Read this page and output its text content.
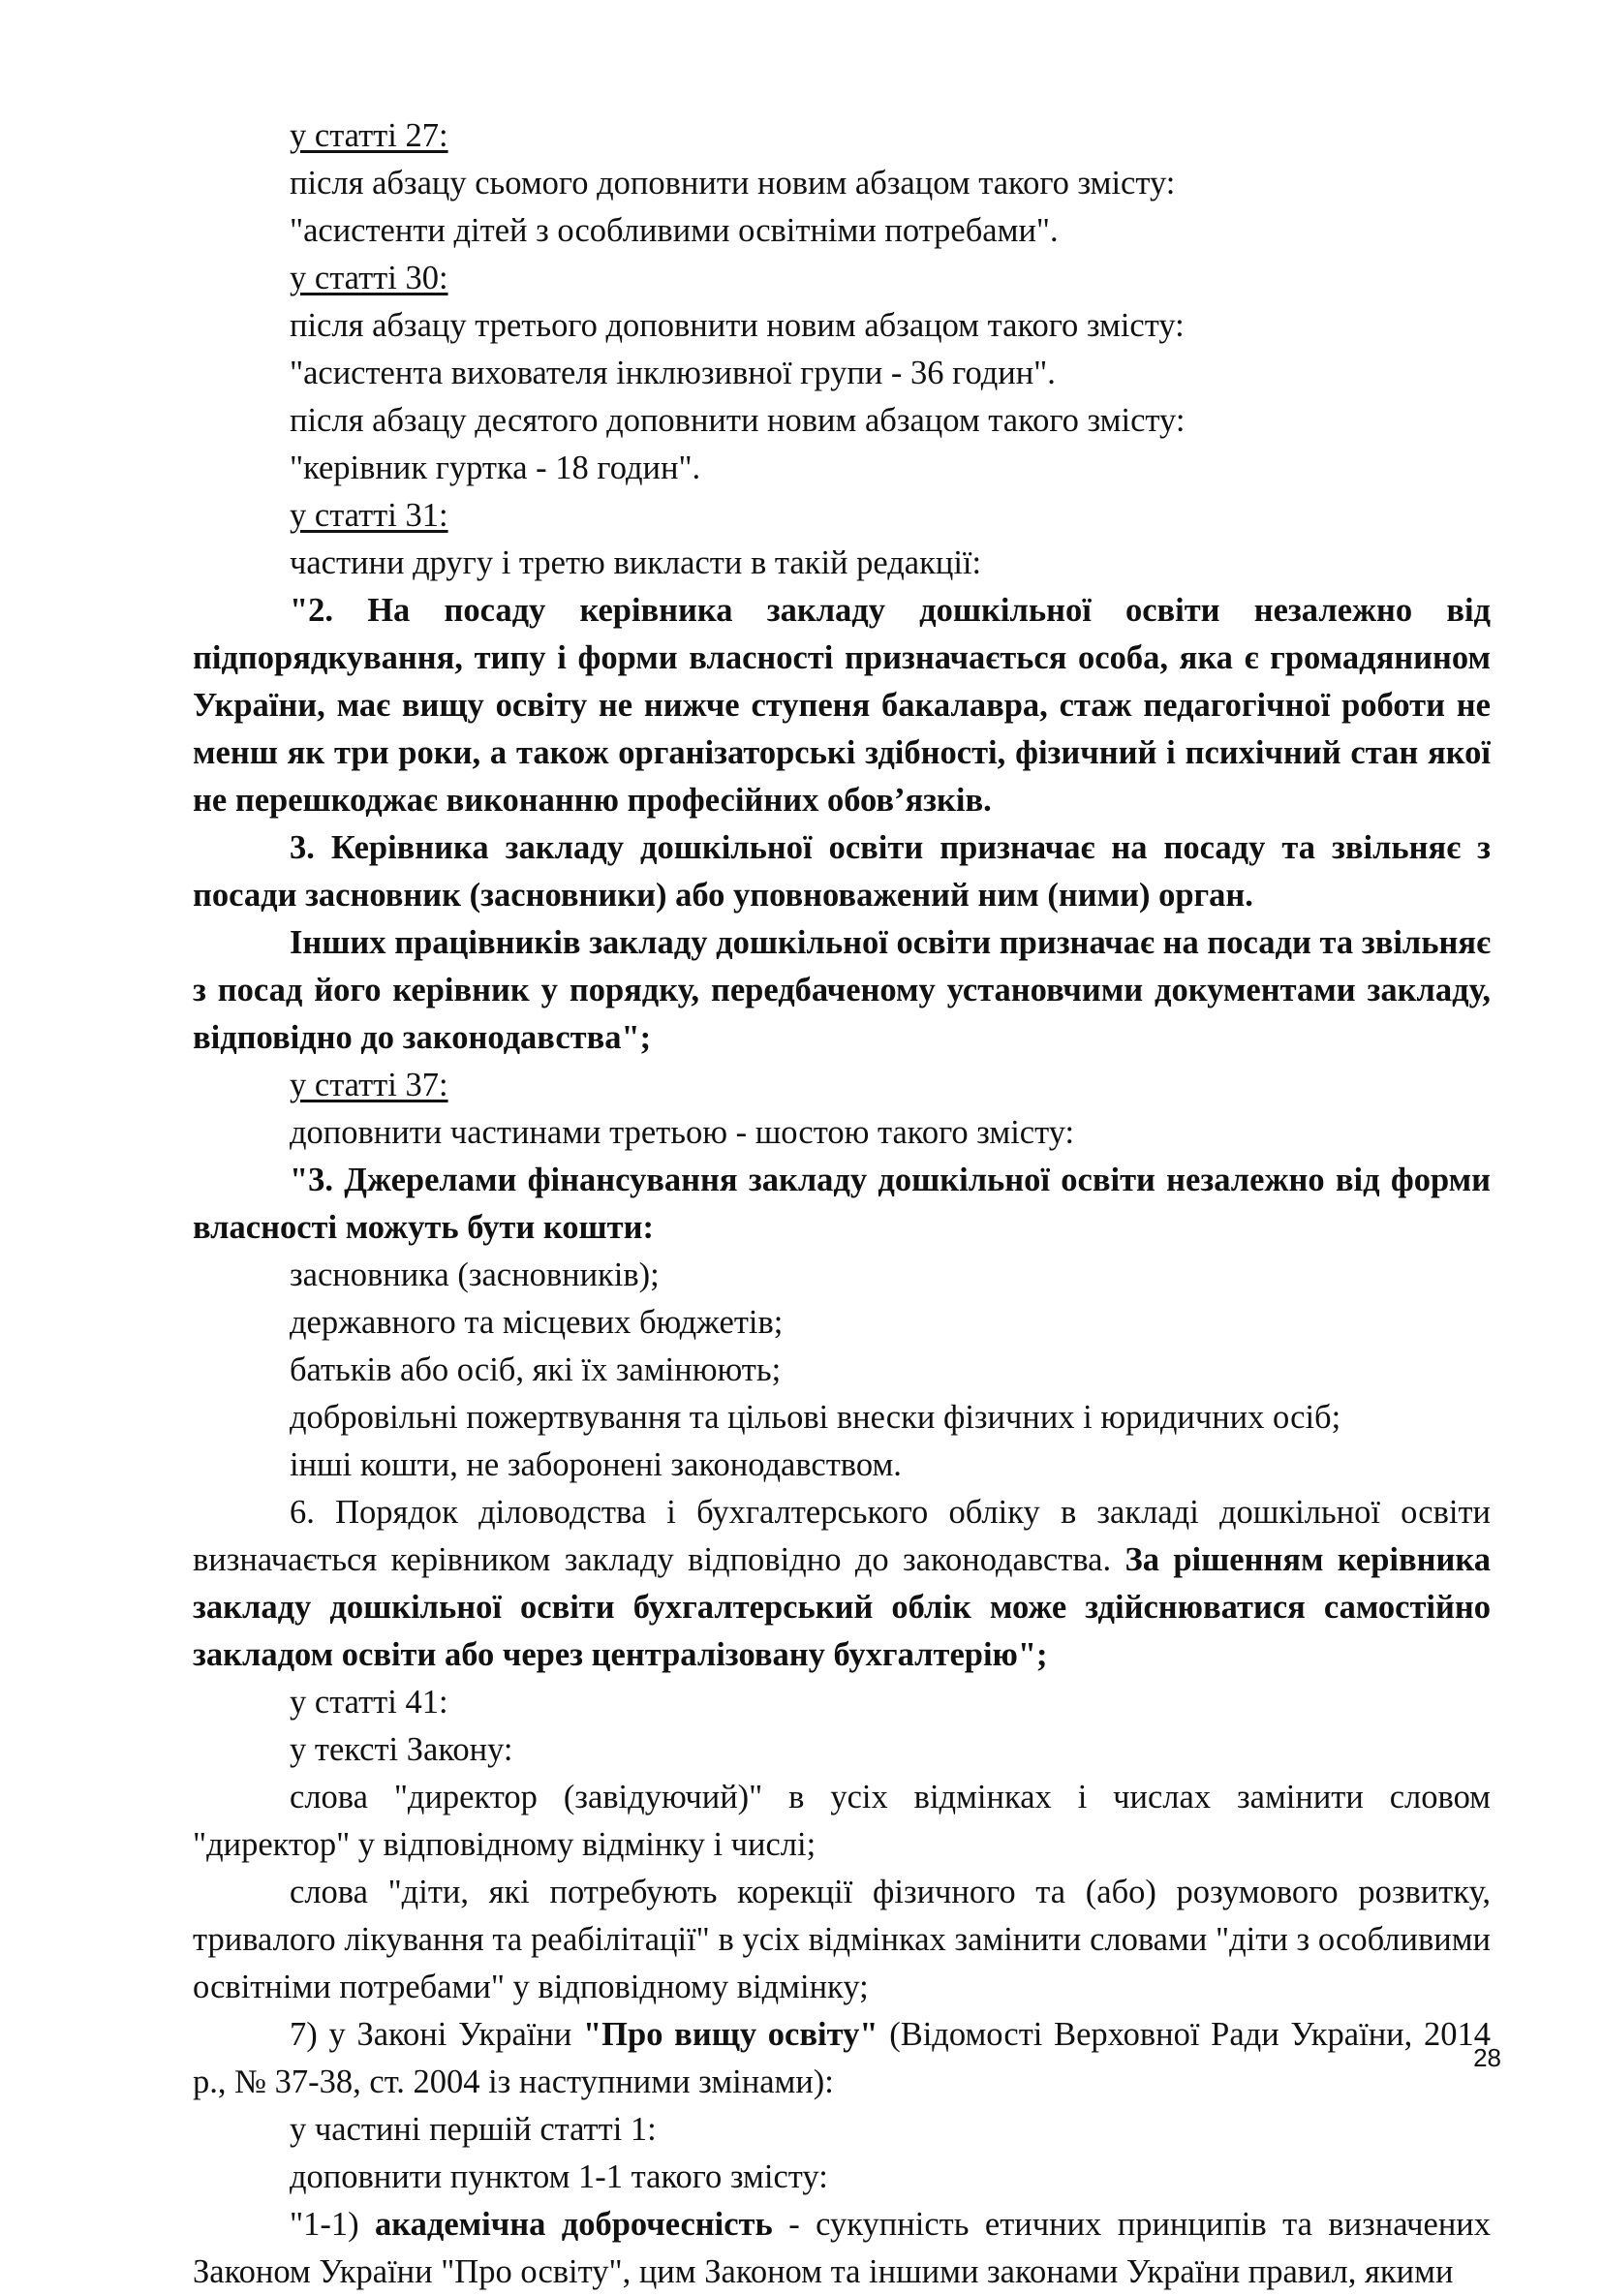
у статті 27:

після абзацу сьомого доповнити новим абзацом такого змісту:

"асистенти дітей з особливими освітніми потребами".

у статті 30:

після абзацу третього доповнити новим абзацом такого змісту:

"асистента вихователя інклюзивної групи - 36 годин".

після абзацу десятого доповнити новим абзацом такого змісту:

"керівник гуртка - 18 годин".

у статті 31:

частини другу і третю викласти в такій редакції:

"2. На посаду керівника закладу дошкільної освіти незалежно від підпорядкування, типу і форми власності призначається особа, яка є громадянином України, має вищу освіту не нижче ступеня бакалавра, стаж педагогічної роботи не менш як три роки, а також організаторські здібності, фізичний і психічний стан якої не перешкоджає виконанню професійних обов’язків.

3. Керівника закладу дошкільної освіти призначає на посаду та звільняє з посади засновник (засновники) або уповноважений ним (ними) орган.

Інших працівників закладу дошкільної освіти призначає на посади та звільняє з посад його керівник у порядку, передбаченому установчими документами закладу, відповідно до законодавства";

у статті 37:

доповнити частинами третьою - шостою такого змісту:

"3. Джерелами фінансування закладу дошкільної освіти незалежно від форми власності можуть бути кошти:

засновника (засновників);

державного та місцевих бюджетів;

батьків або осіб, які їх замінюють;

добровільні пожертвування та цільові внески фізичних і юридичних осіб;

інші кошти, не заборонені законодавством.

6. Порядок діловодства і бухгалтерського обліку в закладі дошкільної освіти визначається керівником закладу відповідно до законодавства. За рішенням керівника закладу дошкільної освіти бухгалтерський облік може здійснюватися самостійно закладом освіти або через централізовану бухгалтерію";

у статті 41:

у тексті Закону:

слова "директор (завідуючий)" в усіх відмінках і числах замінити словом "директор" у відповідному відмінку і числі;

слова "діти, які потребують корекції фізичного та (або) розумового розвитку, тривалого лікування та реабілітації" в усіх відмінках замінити словами "діти з особливими освітніми потребами" у відповідному відмінку;

7) у Законі України "Про вищу освіту" (Відомості Верховної Ради України, 2014 р., № 37-38, ст. 2004 із наступними змінами):

у частині першій статті 1:

доповнити пунктом 1-1 такого змісту:

"1-1) академічна доброчесність - сукупність етичних принципів та визначених Законом України "Про освіту", цим Законом та іншими законами України правил, якими

28
